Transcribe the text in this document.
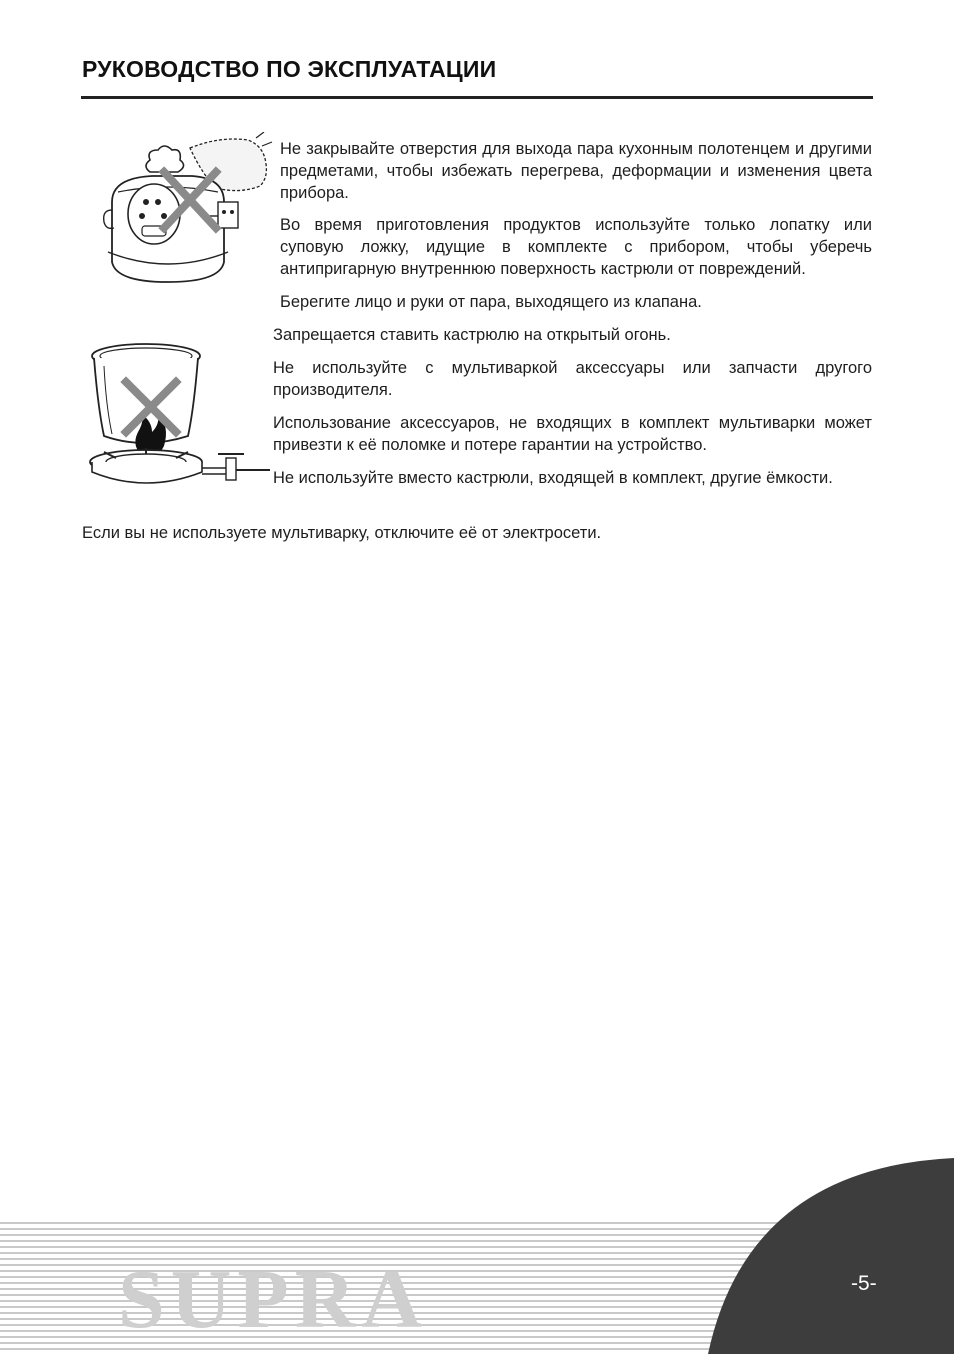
РУКОВОДСТВО ПО ЭКСПЛУАТАЦИИ

Не закрывайте отверстия для выхода пара кухонным полотенцем и другими предметами, чтобы избежать перегрева, деформации и изменения цвета прибора.

Во время приготовления продуктов используйте только лопатку или суповую ложку, идущие в комплекте с прибором, чтобы уберечь антипригарную внутреннюю поверхность кастрюли от повреждений.

Берегите лицо и руки от пара, выходящего из клапана.

Запрещается ставить кастрюлю на открытый огонь.

Не используйте с мультиваркой аксессуары или запчасти другого производителя.

Использование аксессуаров, не входящих в комплект мультиварки может привезти к её поломке и потере гарантии на устройство.

Не используйте вместо кастрюли, входящей в комплект, другие ёмкости.

Если вы не используете мультиварку, отключите её от электросети.

SUPRA	-5-
